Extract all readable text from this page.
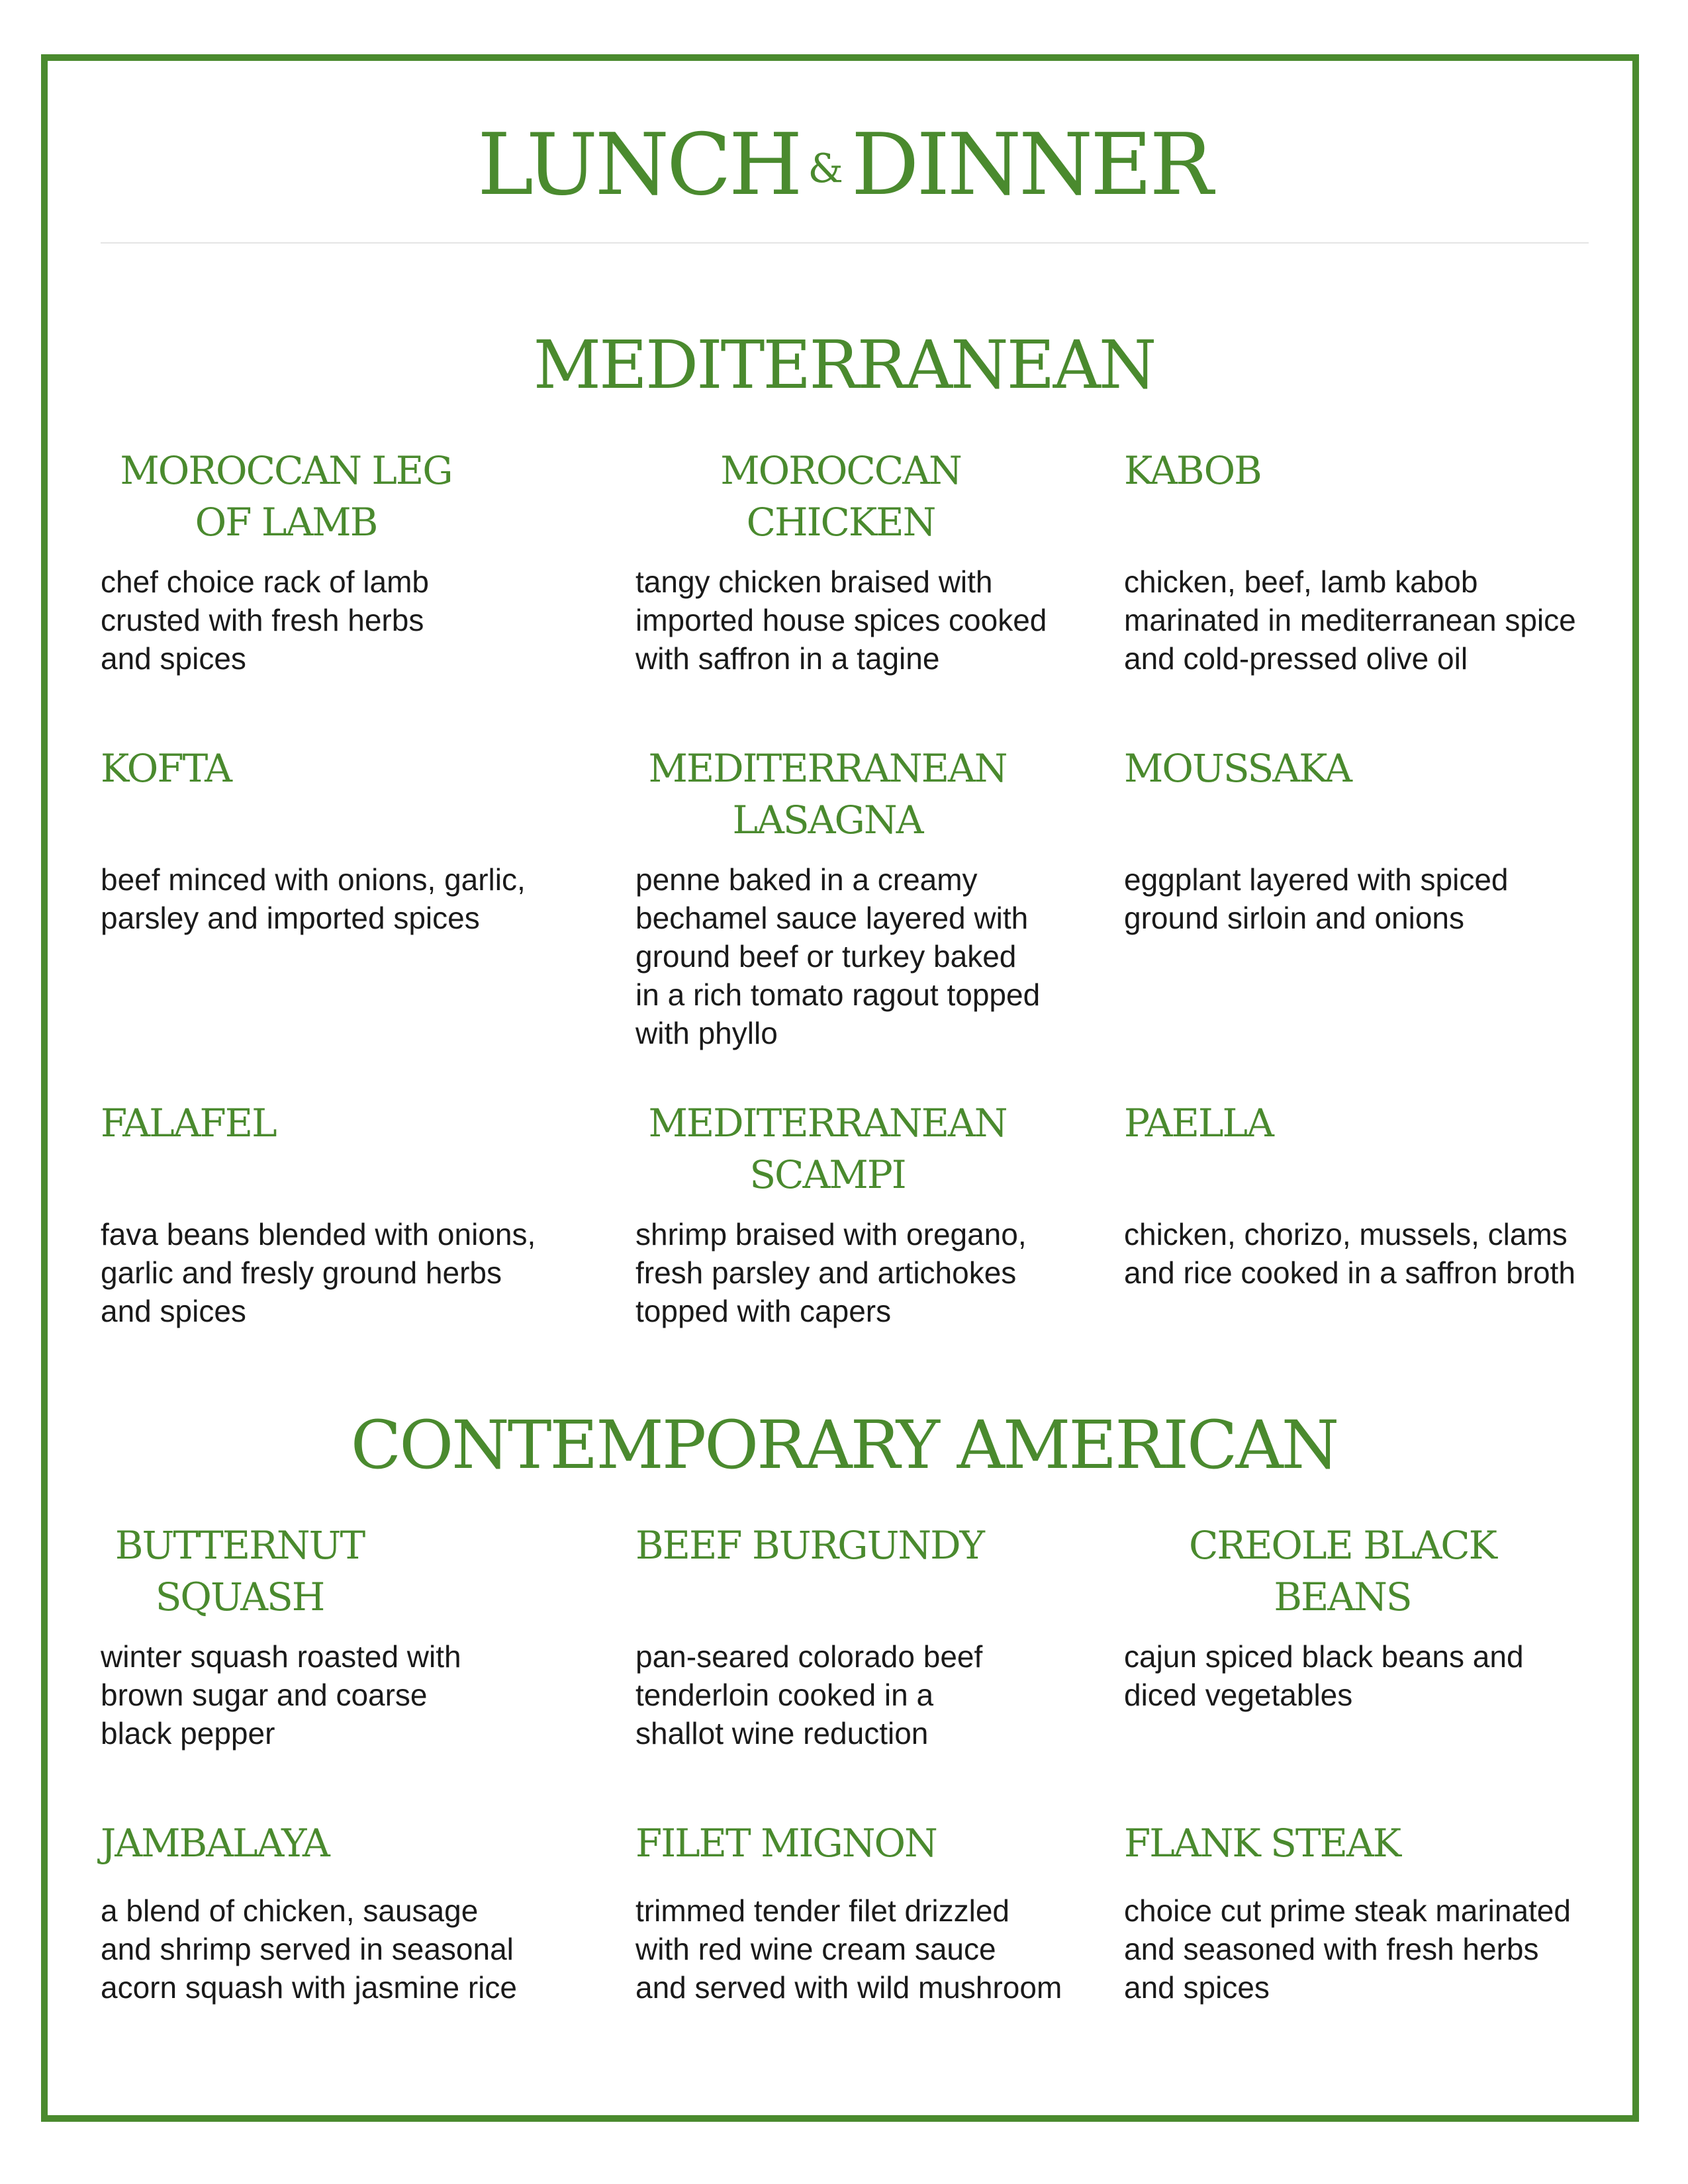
LUNCH &DINNER
MEDITERRANEAN
MOROCCAN LEG
OF LAMB
chef choice rack of lamb
crusted with fresh herbs
and spices
MOROCCAN
CHICKEN
tangy chicken braised with
imported house spices cooked
with saffron in a tagine
KABOB
chicken, beef, lamb kabob
marinated in mediterranean spice
and cold-pressed olive oil
KOFTA
beef minced with onions, garlic,
parsley and imported spices
MEDITERRANEAN
LASAGNA
penne baked in a creamy
bechamel sauce layered with
ground beef or turkey baked
in a rich tomato ragout topped
with phyllo
MOUSSAKA
eggplant layered with spiced
ground sirloin and onions
FALAFEL
fava beans blended with onions,
garlic and fresly ground herbs
and spices
MEDITERRANEAN
SCAMPI
shrimp braised with oregano,
fresh parsley and artichokes
topped with capers
PAELLA
chicken, chorizo, mussels, clams
and rice cooked in a saffron broth
CONTEMPORARY AMERICAN
BUTTERNUT
SQUASH
winter squash roasted with
brown sugar and coarse
black pepper
BEEF BURGUNDY
pan-seared colorado beef
tenderloin cooked in a
shallot wine reduction
CREOLE BLACK
BEANS
cajun spiced black beans and
diced vegetables
JAMBALAYA
a blend of chicken, sausage
and shrimp served in seasonal
acorn squash with jasmine rice
FILET MIGNON
trimmed tender filet drizzled
with red wine cream sauce
and served with wild mushroom
FLANK STEAK
choice cut prime steak marinated
and seasoned with fresh herbs
and spices
